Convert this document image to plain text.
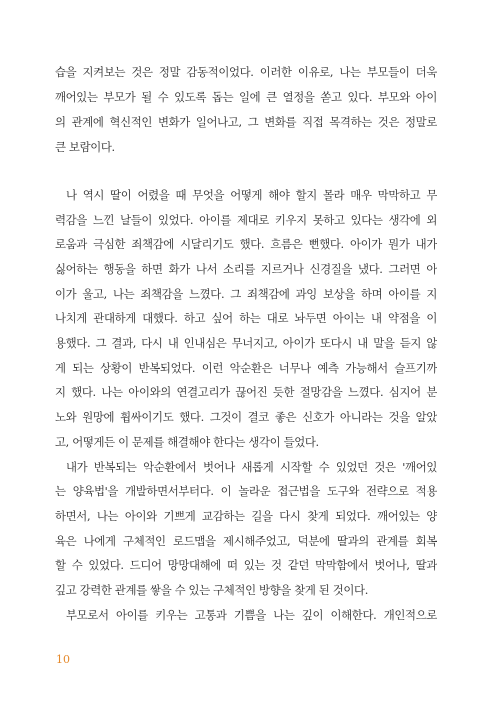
습을 지켜보는 것은 정말 감동적이었다. 이러한 이유로, 나는 부모들이 더욱
깨어있는 부모가 될 수 있도록 돕는 일에 큰 열정을 쏟고 있다. 부모와 아이
의 관계에 혁신적인 변화가 일어나고, 그 변화를 직접 목격하는 것은 정말로
큰 보람이다.
나 역시 딸이 어렸을 때 무엇을 어떻게 해야 할지 몰라 매우 막막하고 무
력감을 느낀 날들이 있었다. 아이를 제대로 키우지 못하고 있다는 생각에 외
로움과 극심한 죄책감에 시달리기도 했다. 흐름은 뻔했다. 아이가 뭔가 내가
싫어하는 행동을 하면 화가 나서 소리를 지르거나 신경질을 냈다. 그러면 아
이가 울고, 나는 죄책감을 느꼈다. 그 죄책감에 과잉 보상을 하며 아이를 지
나치게 관대하게 대했다. 하고 싶어 하는 대로 놔두면 아이는 내 약점을 이
용했다. 그 결과, 다시 내 인내심은 무너지고, 아이가 또다시 내 말을 듣지 않
게 되는 상황이 반복되었다. 이런 악순환은 너무나 예측 가능해서 슬프기까
지 했다. 나는 아이와의 연결고리가 끊어진 듯한 절망감을 느꼈다. 심지어 분
노와 원망에 휩싸이기도 했다. 그것이 결코 좋은 신호가 아니라는 것을 알았
고, 어떻게든 이 문제를 해결해야 한다는 생각이 들었다.
내가 반복되는 악순환에서 벗어나 새롭게 시작할 수 있었던 것은 '깨어있
는 양육법'을 개발하면서부터다. 이 놀라운 접근법을 도구와 전략으로 적용
하면서, 나는 아이와 기쁘게 교감하는 길을 다시 찾게 되었다. 깨어있는 양
육은 나에게 구체적인 로드맵을 제시해주었고, 덕분에 딸과의 관계를 회복
할 수 있었다. 드디어 망망대해에 떠 있는 것 같던 막막함에서 벗어나, 딸과
깊고 강력한 관계를 쌓을 수 있는 구체적인 방향을 찾게 된 것이다.
부모로서 아이를 키우는 고통과 기쁨을 나는 깊이 이해한다. 개인적으로
10
